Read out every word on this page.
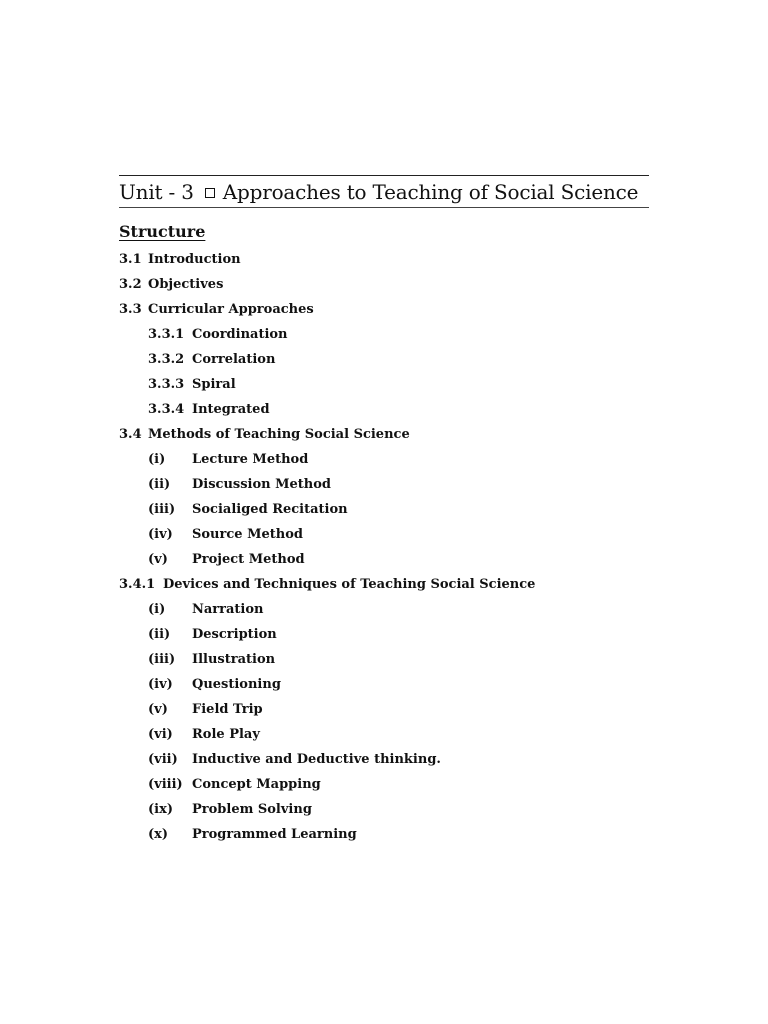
Unit - 3 Approaches to Teaching of Social Science
Structure
3.1 Introduction
3.2 Objectives
3.3 Curricular Approaches
3.3.1 Coordination
3.3.2 Correlation
3.3.3 Spiral
3.3.4 Integrated
3.4 Methods of Teaching Social Science
(i)	Lecture Method
(ii)	Discussion Method
(iii)	Socialiged Recitation
(iv)	Source Method
(v)	Project Method
3.4.1 Devices and Techniques of Teaching Social Science
(i)	Narration
(ii)	Description
(iii)	Illustration
(iv)	Questioning
(v)	Field Trip
(vi)	Role Play
(vii)	Inductive and Deductive thinking.
(viii) Concept Mapping
(ix)	Problem Solving
(x)	Programmed Learning
